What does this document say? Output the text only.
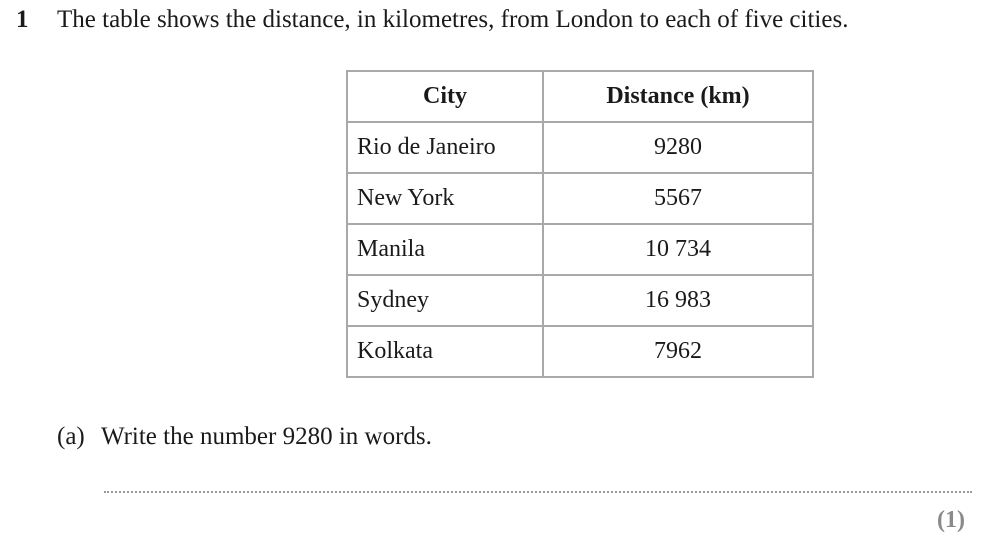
1 The table shows the distance, in kilometres, from London to each of five cities.
City	Distance (km)
Rio de Janeiro	9280
New York	5567
Manila	10 734
Sydney	16 983
Kolkata	7962
(a) Write the number 9280 in words.
(1)
